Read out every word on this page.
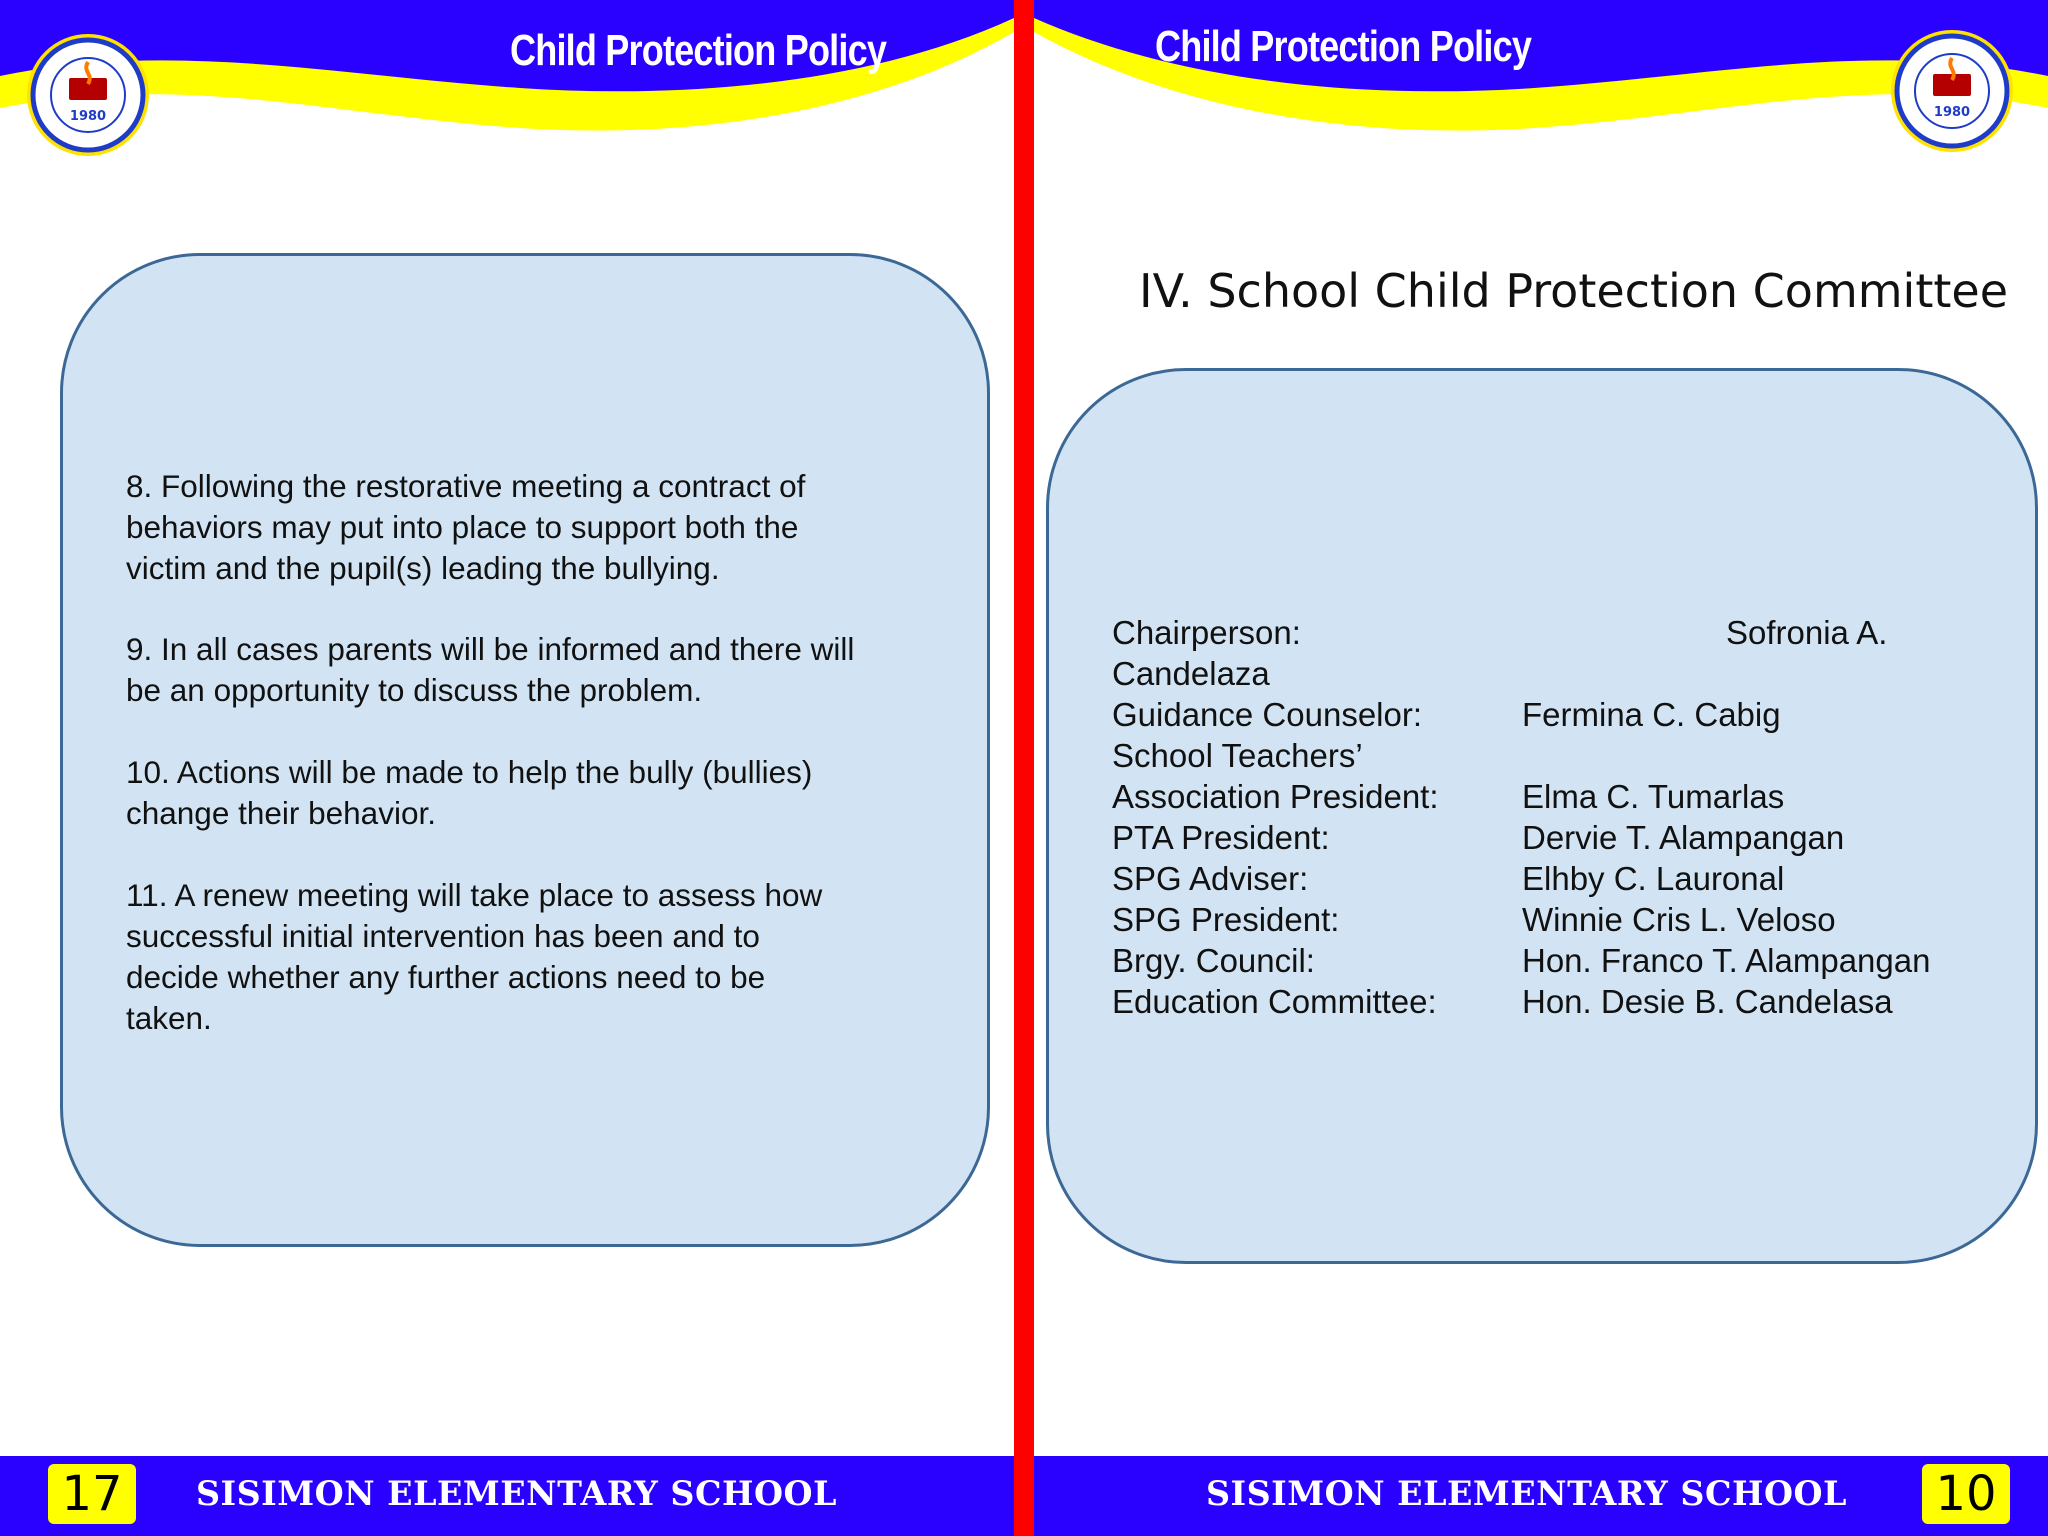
Child Protection Policy
1980

8. Following the restorative meeting a contract of
behaviors may put into place to support both the
victim and the pupil(s) leading the bullying.

9. In all cases parents will be informed and there will
be an opportunity to discuss the problem.

10. Actions will be made to help the bully (bullies)
change their behavior.

11. A renew meeting will take place to assess how
successful initial intervention has been and to
decide whether any further actions need to be
taken.

17	SISIMON ELEMENTARY SCHOOL
Child Protection Policy
1980
IV. School Child Protection Committee
Chairperson:	Sofronia A.
Candelaza
Guidance Counselor:	Fermina C. Cabig
School Teachers’
Association President:	Elma C. Tumarlas
PTA President:	Dervie T. Alampangan
SPG Adviser:	Elhby C. Lauronal
SPG President:	Winnie Cris L. Veloso
Brgy. Council:	Hon. Franco T. Alampangan
Education Committee:	Hon. Desie B. Candelasa
SISIMON ELEMENTARY SCHOOL 10
